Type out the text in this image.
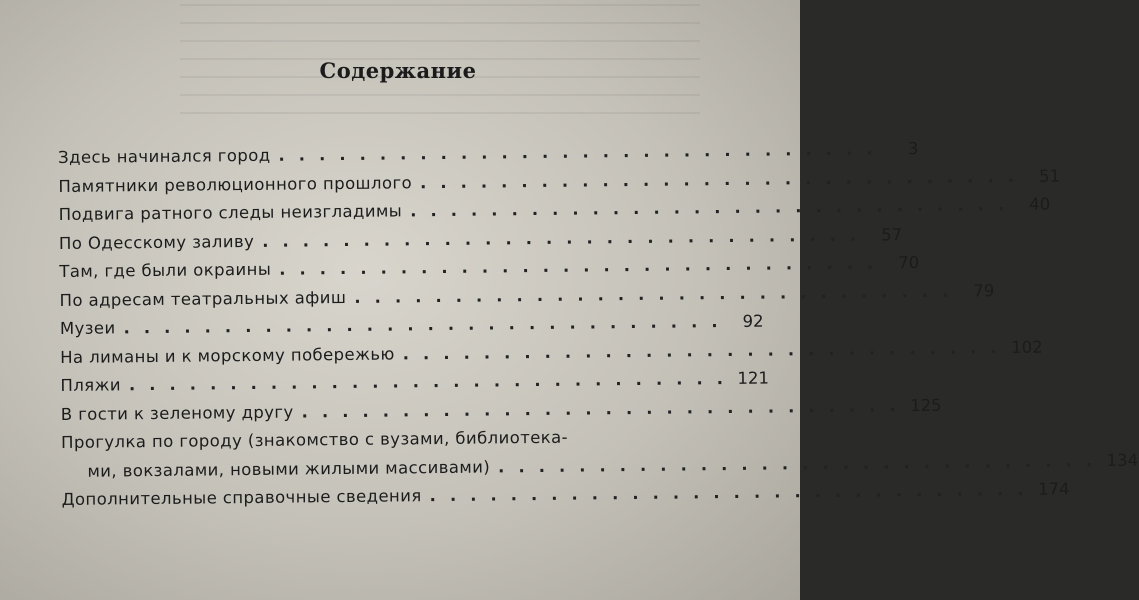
Содержание
Здесь начинался город ..............................	3
Памятники революционного прошлого .............................. 51
Подвига ратного следы неизгладимы .............................. 40
По Одесскому заливу .............................. 57
Там, где были окраины .............................. 70
По адресам театральных афиш .............................. 79
Музеи .............................. 92
На лиманы и к морскому побережью .............................. 102
Пляжи .............................. 121
В гости к зеленому другу .............................. 125
Прогулка по городу (знакомство с вузами, библиотека-
ми, вокзалами, новыми жилыми массивами) .............................. 134
Дополнительные справочные сведения .............................. 174
